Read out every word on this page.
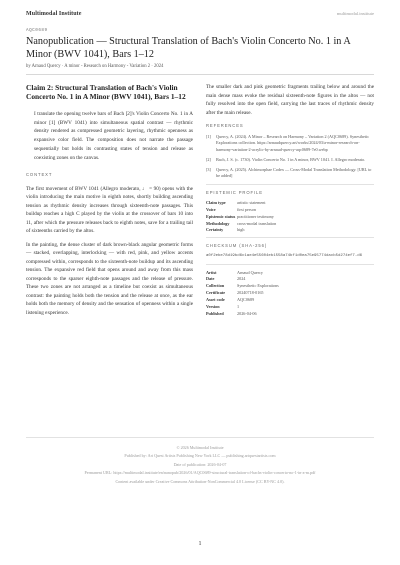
Multimodal Institute	multimodal.institute
AQC0689
Nanopublication — Structural Translation of Bach's Violin Concerto No. 1 in A Minor (BWV 1041), Bars 1–12
by Arnaud Quercy · A minor - Research on Harmony - Variation 2 · 2024
Claim 2: Structural Translation of Bach's Violin Concerto No. 1 in A Minor (BWV 1041), Bars 1–12
I translate the opening twelve bars of Bach [2]'s Violin Concerto No. 1 in A minor [1] (BWV 1041) into simultaneous spatial contrast — rhythmic density rendered as compressed geometric layering, rhythmic openness as expansive color field. The composition does not narrate the passage sequentially but holds its contrasting states of tension and release as coexisting zones on the canvas.
CONTEXT

The first movement of BWV 1041 (Allegro moderato, ♩ = 90) opens with the violin introducing the main motive in eighth notes, shortly building ascending tension as rhythmic density increases through sixteenth-note passages. This buildup reaches a high C played by the violin at the crossover of bars 10 into 11, after which the pressure releases back to eighth notes, save for a trailing tail of sixteenths carried by the altos.

In the painting, the dense cluster of dark brown-black angular geometric forms — stacked, overlapping, interlocking — with red, pink, and yellow accents compressed within, corresponds to the sixteenth-note buildup and its ascending tension. The expansive red field that opens around and away from this mass corresponds to the sparser eighth-note passages and the release of pressure. These two zones are not arranged as a timeline but coexist as simultaneous contrast: the painting holds both the tension and the release at once, as the ear holds both the memory of density and the sensation of openness within a single listening experience.

The smaller dark and pink geometric fragments trailing below and around the main dense mass evoke the residual sixteenth-note figures in the altos — not fully resolved into the open field, carrying the last traces of rhythmic density after the main release.

REFERENCES
[1]	Quercy, A. (2024). A Minor – Research on Harmony – Variation 2 (AQC0689). Synesthetic Explorations collection. https://arnaudquercy.art/works/2024/03/a-minor-research-on-harmony-variation-2-acrylic-by-arnaud-quercy-aqc0689-7e0.webp
[2]	Bach, J. S. (c. 1730). Violin Concerto No. 1 in A minor, BWV 1041. I. Allegro moderato.
[3]	Quercy, A. (2025). Alchimorphae Codex — Cross-Modal Translation Methodology. [URL to be added]
EPISTEMIC PROFILE
Claim type	artistic statement
Voice	first person
Epistemic status practitioner testimony
Methodology	cross-modal translation
Certainty	high
CHECKSUM (SHA-256)
a0f2ebe78d19bd6c1ae4e55604eb1558a74bf1d0ea75e95774dacb5d274ef7-d6
Artist	Arnaud Quercy
Date	2024
Collection	Synesthetic Explorations
Certificate	20240718-0165
Asset code	AQC0689
Version	1
Published	2026-04-06
© 2026 Multimodal Institute
Published by: Art Quest Artists Publishing New York LLC — publishing.artquestartists.com
Date of publication: 2026-04-07
Permanent URL: https://multimodal.institute/en/nanopub/2026/01/AQC0689-structural-translation-of-bachs-violin-concerto-no-1-in-a-m.pdf
Content available under Creative Commons Attribution-NonCommercial 4.0 License (CC BY-NC 4.0).
1
